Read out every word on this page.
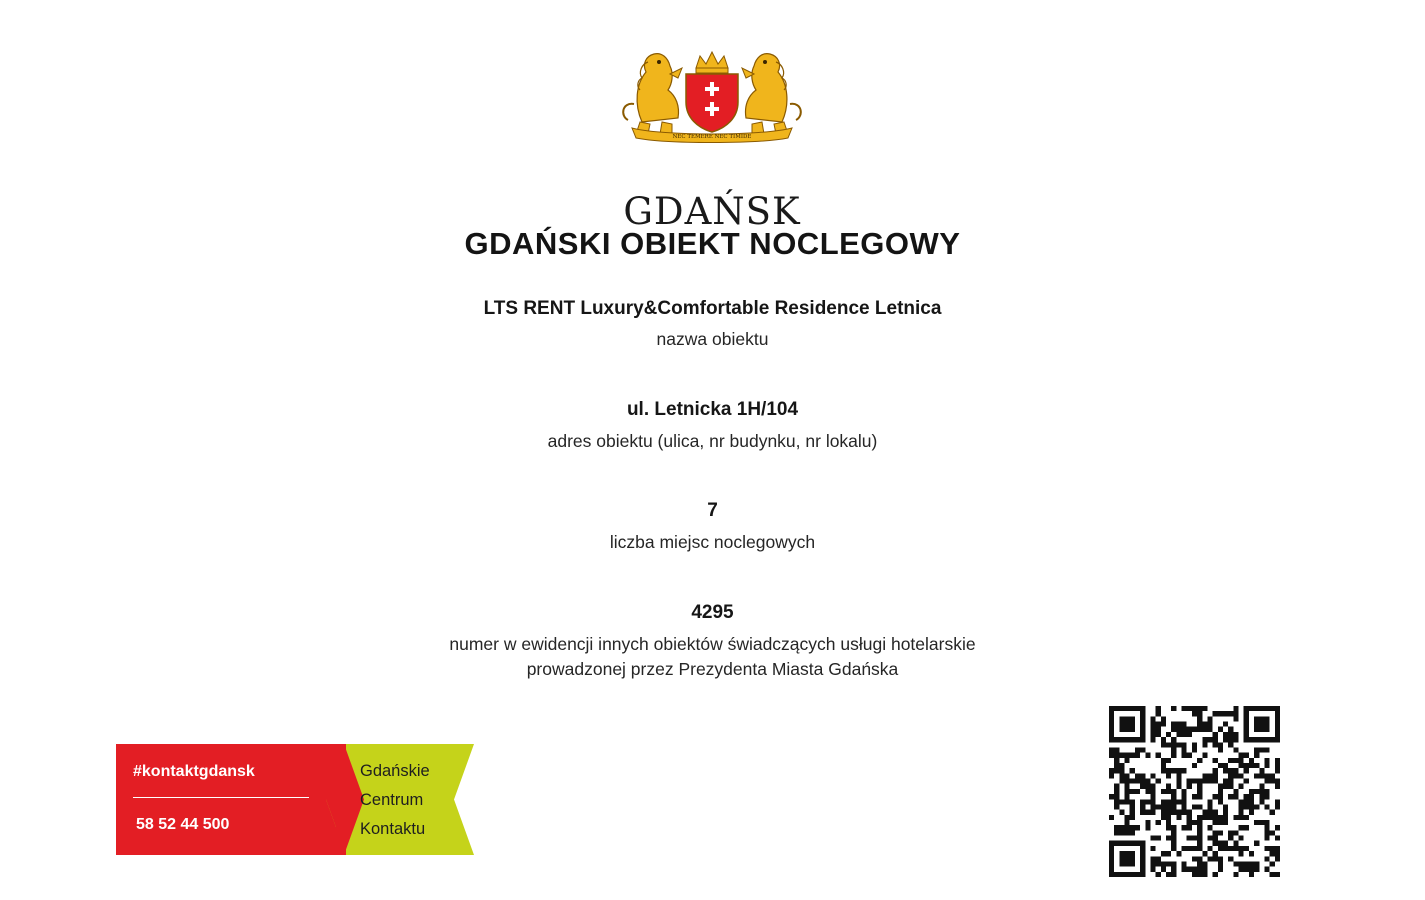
NEC TEMERE NEC TIMIDE
GDAŃSK
GDAŃSKI OBIEKT NOCLEGOWY
LTS RENT Luxury&Comfortable Residence Letnica
nazwa obiektu
ul. Letnicka 1H/104
adres obiektu (ulica, nr budynku, nr lokalu)
7
liczba miejsc noclegowych
4295
numer w ewidencji innych obiektów świadczących usługi hotelarskie
prowadzonej przez Prezydenta Miasta Gdańska
#kontaktgdansk
58 52 44 500
Gdańskie
Centrum
Kontaktu
